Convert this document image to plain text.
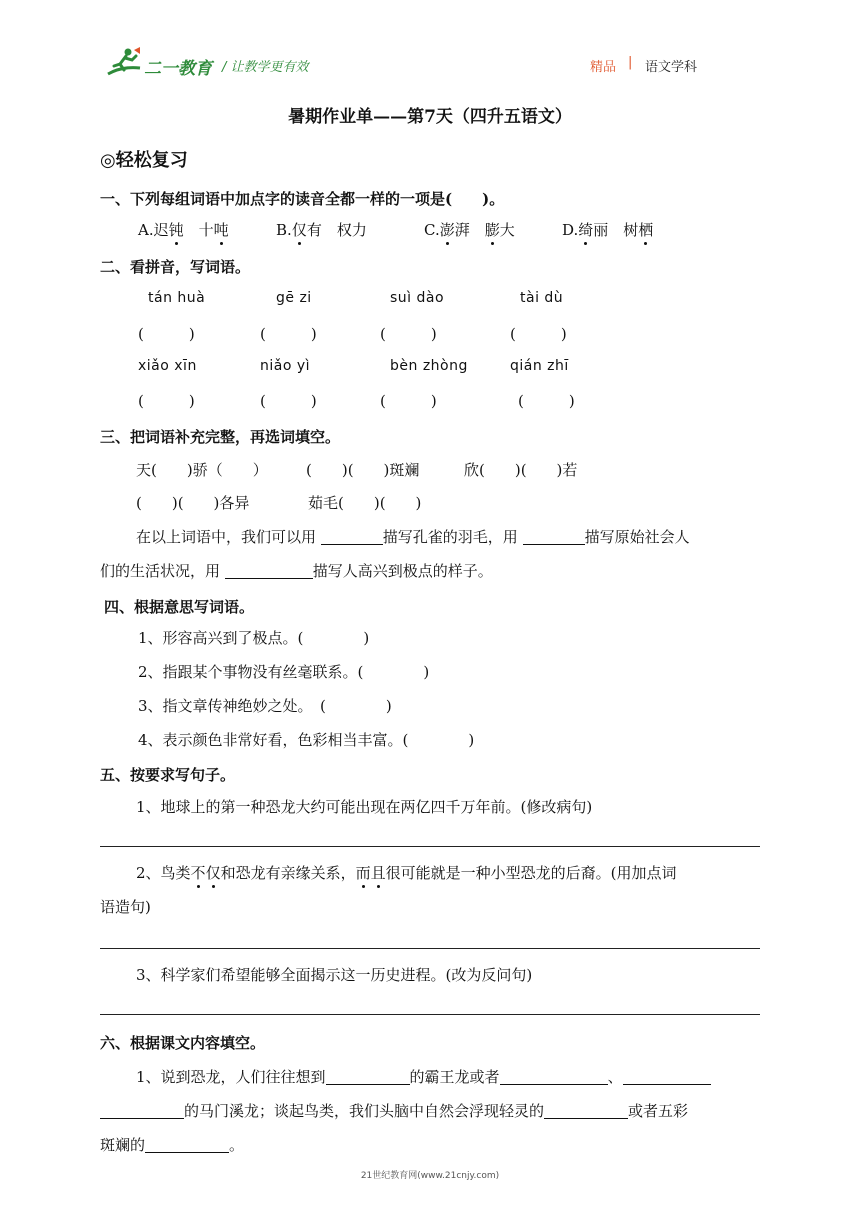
二一教育 / 让教学更有效	精品 | 语文学科
暑期作业单——第7天（四升五语文）
◎轻松复习
一、下列每组词语中加点字的读音全都一样的一项是(　　)。
A.迟钝　十吨	B.仅有　权力	C.澎湃　膨大	D.绮丽　树栖
二、看拼音，写词语。
tán huà	gē zi	suì dào	tài dù
(　　　)	(　　　)	(　　　)	(　　　)
xiǎo xīn	niǎo yì	bèn zhòng	qián zhī
(　　　)	(　　　)	(　　　)	(　　　)
三、把词语补充完整，再选词填空。
天(　　)骄（　　）	(　　)(　　)斑斓	欣(　　)(　　)若
(　　)(　　)各异	茹毛(　　)(　　)
在以上词语中，我们可以用	描写孔雀的羽毛，用	描写原始社会人
们的生活状况，用	描写人高兴到极点的样子。
四、根据意思写词语。
1、形容高兴到了极点。(　　　　)
2、指跟某个事物没有丝毫联系。(　　　　)
3、指文章传神绝妙之处。　(　　　　)
4、表示颜色非常好看，色彩相当丰富。(　　　　)
五、按要求写句子。
1、地球上的第一种恐龙大约可能出现在两亿四千万年前。(修改病句)
2、鸟类不仅和恐龙有亲缘关系，而且很可能就是一种小型恐龙的后裔。(用加点词
语造句)
3、科学家们希望能够全面揭示这一历史进程。(改为反问句)
六、根据课文内容填空。
1、说到恐龙，人们往往想到	的霸王龙或者	、
的马门溪龙；谈起鸟类，我们头脑中自然会浮现轻灵的	或者五彩
斑斓的	。
21世纪教育网(www.21cnjy.com)
